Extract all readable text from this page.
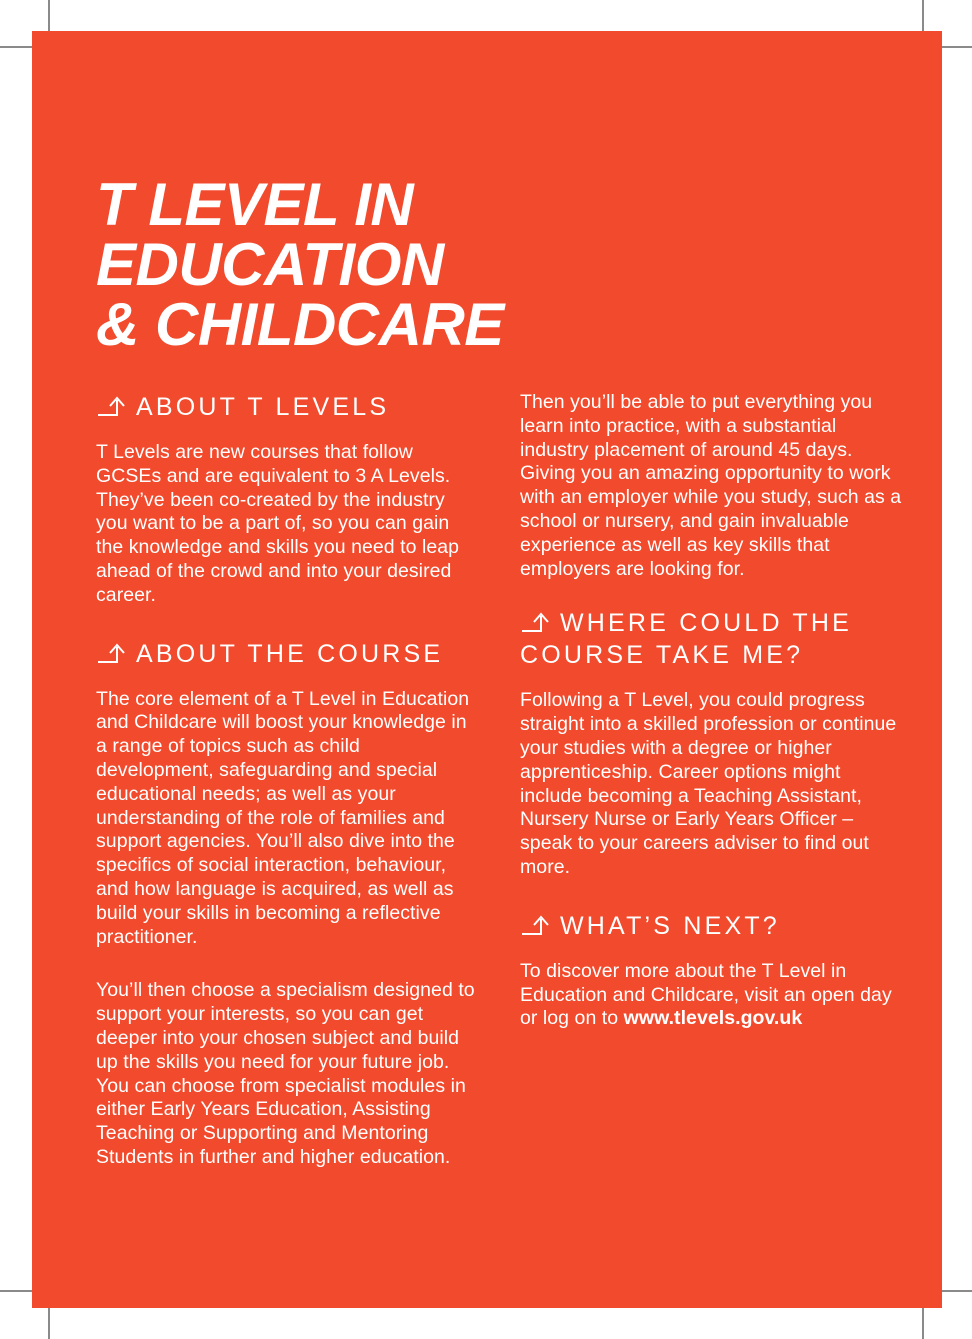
T LEVEL IN
EDUCATION
& CHILDCARE
ABOUT T LEVELS

T Levels are new courses that follow GCSEs and are equivalent to 3 A Levels. They’ve been co-created by the industry you want to be a part of, so you can gain the knowledge and skills you need to leap ahead of the crowd and into your desired career.

ABOUT THE COURSE

The core element of a T Level in Education and Childcare will boost your knowledge in a range of topics such as child development, safeguarding and special educational needs; as well as your understanding of the role of families and support agencies. You’ll also dive into the specifics of social interaction, behaviour, and how language is acquired, as well as build your skills in becoming a reflective practitioner.

You’ll then choose a specialism designed to support your interests, so you can get deeper into your chosen subject and build up the skills you need for your future job. You can choose from specialist modules in either Early Years Education, Assisting Teaching or Supporting and Mentoring Students in further and higher education.

Then you’ll be able to put everything you learn into practice, with a substantial industry placement of around 45 days. Giving you an amazing opportunity to work with an employer while you study, such as a school or nursery, and gain invaluable experience as well as key skills that employers are looking for.

WHERE COULD THE
COURSE TAKE ME?

Following a T Level, you could progress straight into a skilled profession or continue your studies with a degree or higher apprenticeship. Career options might include becoming a Teaching Assistant, Nursery Nurse or Early Years Officer – speak to your careers adviser to find out more.

WHAT’S NEXT?

To discover more about the T Level in Education and Childcare, visit an open day or log on to www.tlevels.gov.uk
